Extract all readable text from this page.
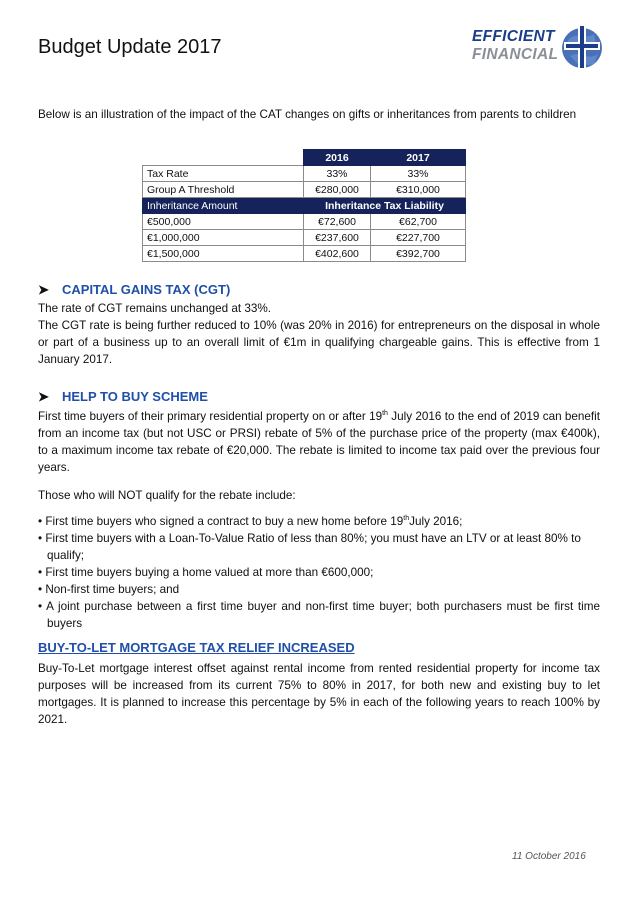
Budget Update 2017	EFFICIENT
FINANCIAL
Below is an illustration of the impact of the CAT changes on gifts or inheritances from parents to children
	2016	2017
Tax Rate	33%	33%
Group A Threshold	€280,000	€310,000
Inheritance Amount	Inheritance Tax Liability	
€500,000	€72,600	€62,700
€1,000,000	€237,600	€227,700
€1,500,000	€402,600	€392,700
➤ CAPITAL GAINS TAX (CGT)
The rate of CGT remains unchanged at 33%.
The CGT rate is being further reduced to 10% (was 20% in 2016) for entrepreneurs on the disposal in whole or part of a business up to an overall limit of €1m in qualifying chargeable gains. This is effective from 1 January 2017.
➤ HELP TO BUY SCHEME
First time buyers of their primary residential property on or after 19th July 2016 to the end of 2019 can benefit from an income tax (but not USC or PRSI) rebate of 5% of the purchase price of the property (max €400k), to a maximum income tax rebate of €20,000. The rebate is limited to income tax paid over the previous four years.
Those who will NOT qualify for the rebate include:
• First time buyers who signed a contract to buy a new home before 19thJuly 2016;
• First time buyers with a Loan-To-Value Ratio of less than 80%; you must have an LTV or at least 80% to qualify;
• First time buyers buying a home valued at more than €600,000;
• Non-first time buyers; and
• A joint purchase between a first time buyer and non-first time buyer; both purchasers must be first time buyers
BUY-TO-LET MORTGAGE TAX RELIEF INCREASED
Buy-To-Let mortgage interest offset against rental income from rented residential property for income tax purposes will be increased from its current 75% to 80% in 2017, for both new and existing buy to let mortgages. It is planned to increase this percentage by 5% in each of the following years to reach 100% by 2021.
11 October 2016
